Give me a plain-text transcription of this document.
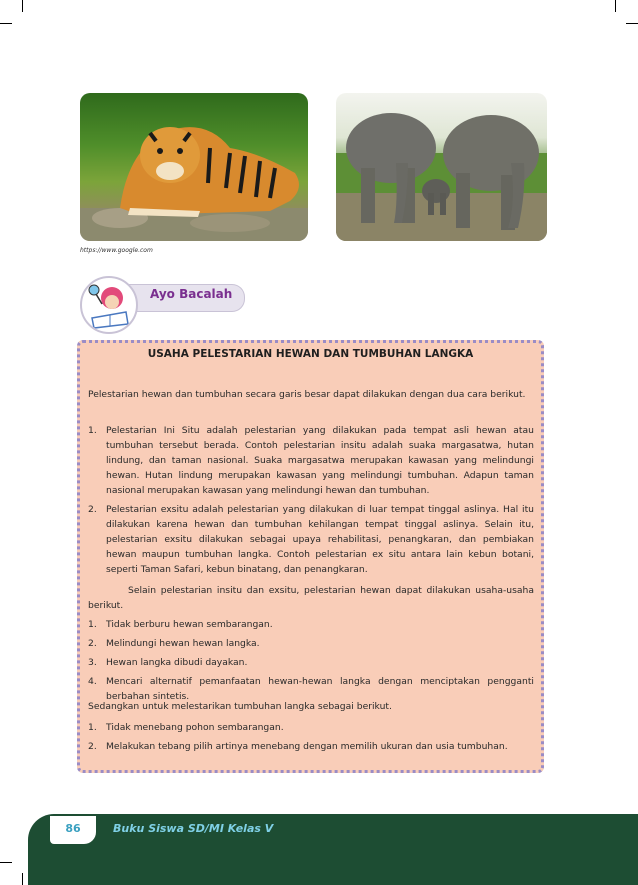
https://www.google.com
Ayo Bacalah
USAHA PELESTARIAN HEWAN DAN TUMBUHAN LANGKA

Pelestarian hewan dan tumbuhan secara garis besar dapat dilakukan dengan dua cara berikut.

1. Pelestarian Ini Situ adalah pelestarian yang dilakukan pada tempat asli hewan atau tumbuhan tersebut berada. Contoh pelestarian insitu adalah suaka margasatwa, hutan lindung, dan taman nasional. Suaka margasatwa merupakan kawasan yang melindungi hewan. Hutan lindung merupakan kawasan yang melindungi tumbuhan. Adapun taman nasional merupakan kawasan yang melindungi hewan dan tumbuhan.
2. Pelestarian exsitu adalah pelestarian yang dilakukan di luar tempat tinggal aslinya. Hal itu dilakukan karena hewan dan tumbuhan kehilangan tempat tinggal aslinya. Selain itu, pelestarian exsitu dilakukan sebagai upaya rehabilitasi, penangkaran, dan pembiakan hewan maupun tumbuhan langka. Contoh pelestarian ex situ antara lain kebun botani, seperti Taman Safari, kebun binatang, dan penangkaran.

Selain pelestarian insitu dan exsitu, pelestarian hewan dapat dilakukan usaha-usaha berikut.

1. Tidak berburu hewan sembarangan.
2. Melindungi hewan hewan langka.
3. Hewan langka dibudi dayakan.
4. Mencari alternatif pemanfaatan hewan-hewan langka dengan menciptakan pengganti berbahan sintetis.

Sedangkan untuk melestarikan tumbuhan langka sebagai berikut.

1. Tidak menebang pohon sembarangan.
2. Melakukan tebang pilih artinya menebang dengan memilih ukuran dan usia tumbuhan.
86	Buku Siswa SD/MI Kelas V
